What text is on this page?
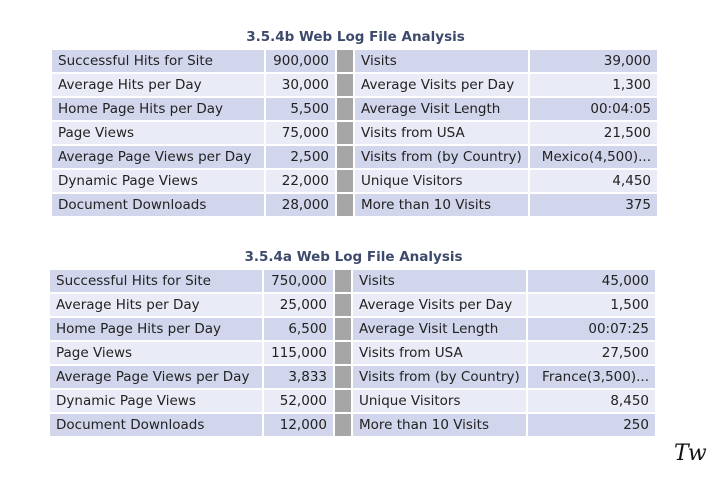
3.5.4b Web Log File Analysis
Successful Hits for Site	900,000		Visits	39,000
Average Hits per Day	30,000		Average Visits per Day	1,300
Home Page Hits per Day	5,500		Average Visit Length	00:04:05
Page Views	75,000		Visits from USA	21,500
Average Page Views per Day	2,500		Visits from (by Country)	Mexico(4,500)...
Dynamic Page Views	22,000		Unique Visitors	4,450
Document Downloads	28,000		More than 10 Visits	375
3.5.4a Web Log File Analysis
Successful Hits for Site	750,000		Visits	45,000
Average Hits per Day	25,000		Average Visits per Day	1,500
Home Page Hits per Day	6,500		Average Visit Length	00:07:25
Page Views	115,000		Visits from USA	27,500
Average Page Views per Day	3,833		Visits from (by Country)	France(3,500)...
Dynamic Page Views	52,000		Unique Visitors	8,450
Document Downloads	12,000		More than 10 Visits	250
Tw
